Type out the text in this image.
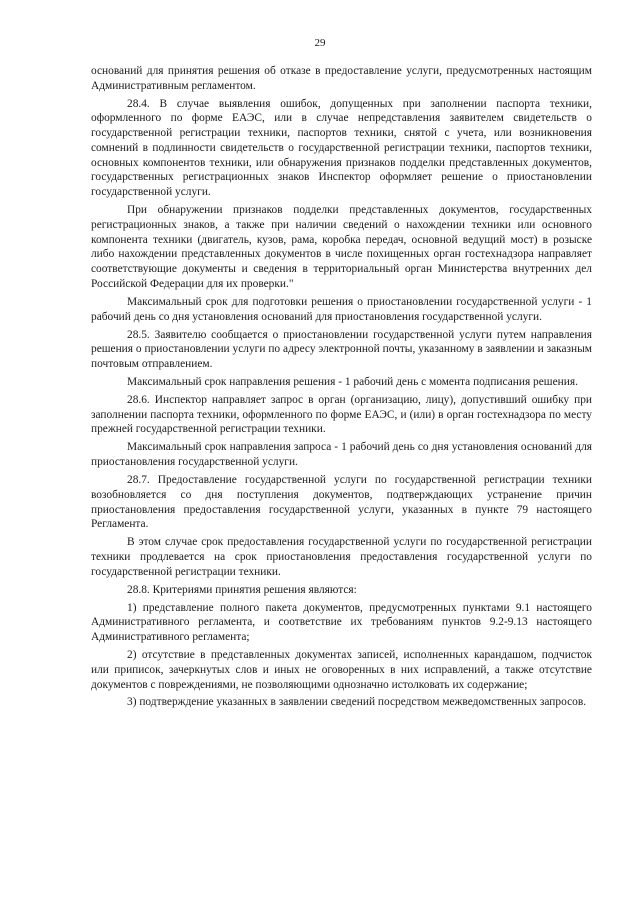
29

оснований для принятия решения об отказе в предоставление услуги, предусмотренных настоящим Административным регламентом.

28.4. В случае выявления ошибок, допущенных при заполнении паспорта техники, оформленного по форме ЕАЭС, или в случае непредставления заявителем свидетельств о государственной регистрации техники, паспортов техники, снятой с учета, или возникновения сомнений в подлинности свидетельств о государственной регистрации техники, паспортов техники, основных компонентов техники, или обнаружения признаков подделки представленных документов, государственных регистрационных знаков Инспектор оформляет решение о приостановлении государственной услуги.

При обнаружении признаков подделки представленных документов, государственных регистрационных знаков, а также при наличии сведений о нахождении техники или основного компонента техники (двигатель, кузов, рама, коробка передач, основной ведущий мост) в розыске либо нахождении представленных документов в числе похищенных орган гостехнадзора направляет соответствующие документы и сведения в территориальный орган Министерства внутренних дел Российской Федерации для их проверки."

Максимальный срок для подготовки решения о приостановлении государственной услуги - 1 рабочий день со дня установления оснований для приостановления государственной услуги.

28.5. Заявителю сообщается о приостановлении государственной услуги путем направления решения о приостановлении услуги по адресу электронной почты, указанному в заявлении и заказным почтовым отправлением.

Максимальный срок направления решения - 1 рабочий день с момента подписания решения.

28.6. Инспектор направляет запрос в орган (организацию, лицу), допустивший ошибку при заполнении паспорта техники, оформленного по форме ЕАЭС, и (или) в орган гостехнадзора по месту прежней государственной регистрации техники.

Максимальный срок направления запроса - 1 рабочий день со дня установления оснований для приостановления государственной услуги.

28.7. Предоставление государственной услуги по государственной регистрации техники возобновляется со дня поступления документов, подтверждающих устранение причин приостановления предоставления государственной услуги, указанных в пункте 79 настоящего Регламента.

В этом случае срок предоставления государственной услуги по государственной регистрации техники продлевается на срок приостановления предоставления государственной услуги по государственной регистрации техники.

28.8. Критериями принятия решения являются:

1) представление полного пакета документов, предусмотренных пунктами 9.1 настоящего Административного регламента, и соответствие их требованиям пунктов 9.2-9.13 настоящего Административного регламента;

2) отсутствие в представленных документах записей, исполненных карандашом, подчисток или приписок, зачеркнутых слов и иных не оговоренных в них исправлений, а также отсутствие документов с повреждениями, не позволяющими однозначно истолковать их содержание;

3) подтверждение указанных в заявлении сведений посредством межведомственных запросов.
